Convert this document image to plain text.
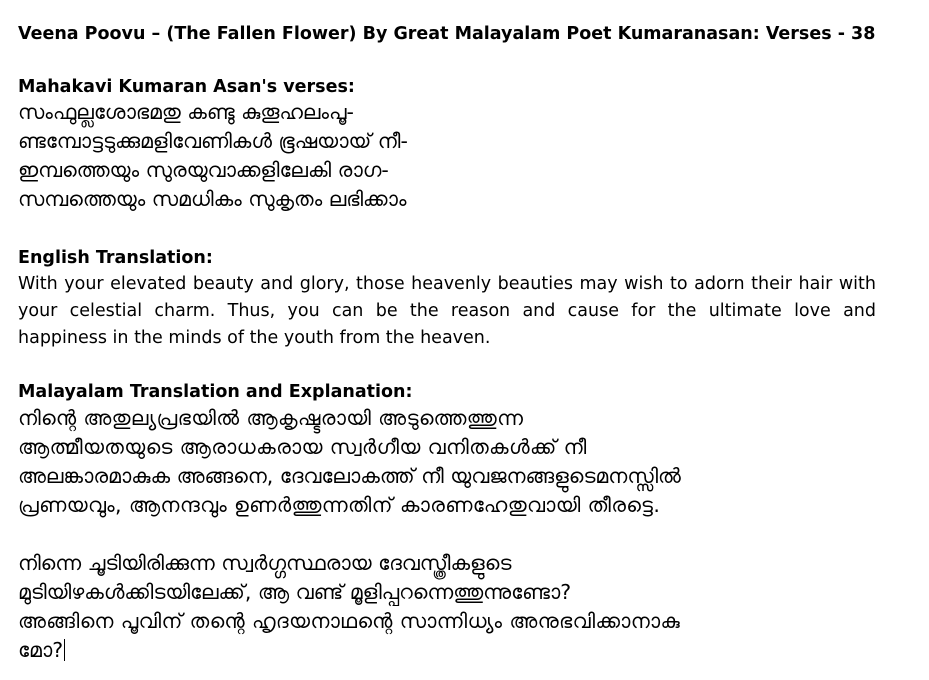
Veena Poovu – (The Fallen Flower) By Great Malayalam Poet Kumaranasan: Verses - 38
Mahakavi Kumaran Asan's verses:
സംഫുല്ലശോഭമതു കണ്ടു കുതൂഹലംപൂ-
ണ്ടമ്പോട്ടടുക്കുമളിവേണികൾ ഭൂഷയായ് നീ-
ഇമ്പത്തെയും സുരയുവാക്കളിലേകി രാഗ-
സമ്പത്തെയും സമധികം സുകൃതം ലഭിക്കാം
English Translation:
With your elevated beauty and glory, those heavenly beauties may wish to adorn their hair with
your celestial charm. Thus, you can be the reason and cause for the ultimate love and
happiness in the minds of the youth from the heaven.
Malayalam Translation and Explanation:
നിന്റെ അതുല്യപ്രഭയിൽ ആകൃഷ്ടരായി അടുത്തെത്തുന്ന
ആത്മീയതയുടെ ആരാധകരായ സ്വർഗീയ വനിതകൾക്ക് നീ
അലങ്കാരമാകുക അങ്ങനെ, ദേവലോകത്ത് നീ യുവജനങ്ങളുടെമനസ്സിൽ
പ്രണയവും, ആനന്ദവും ഉണർത്തുന്നതിന് കാരണഹേതുവായി തീരട്ടെ.
നിന്നെ ചൂടിയിരിക്കുന്ന സ്വർഗ്ഗസ്ഥരായ ദേവസ്ത്രീകളുടെ
മുടിയിഴകൾക്കിടയിലേക്ക്, ആ വണ്ട് മൂളിപ്പറന്നെത്തുന്നുണ്ടോ?
അങ്ങിനെ പൂവിന് തന്റെ ഹൃദയനാഥന്റെ സാന്നിധ്യം അനുഭവിക്കാനാകു
മോ?
